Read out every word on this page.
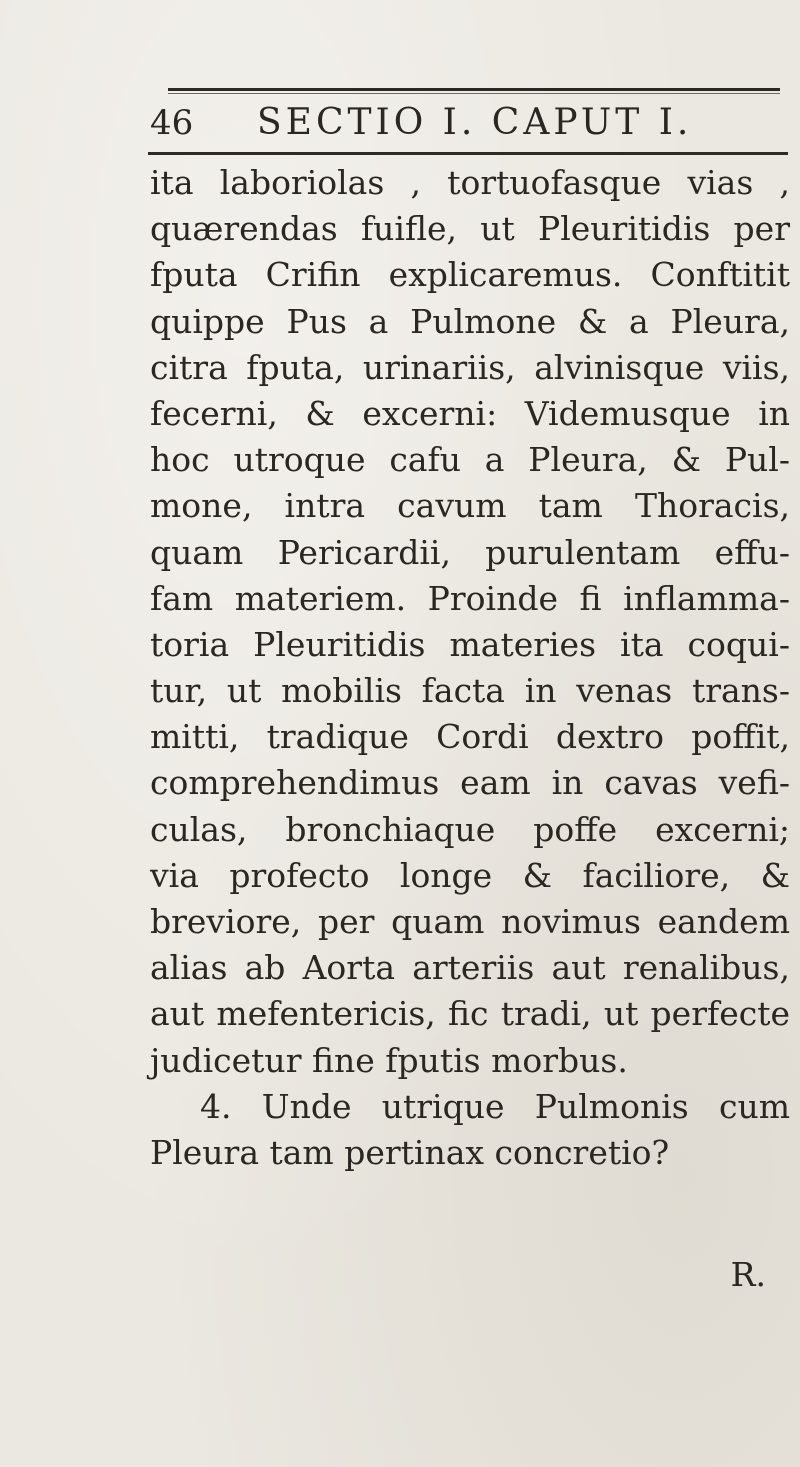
46 SECTIO I. CAPUT I.
ita laboriolas , tortuofasque vias ,
quærendas fuifle, ut Pleuritidis per
fputa Crifin explicaremus. Conftitit
quippe Pus a Pulmone & a Pleura,
citra fputa, urinariis, alvinisque viis,
fecerni, & excerni: Videmusque in
hoc utroque cafu a Pleura, & Pul-
mone, intra cavum tam Thoracis,
quam Pericardii, purulentam effu-
fam materiem. Proinde fi inflamma-
toria Pleuritidis materies ita coqui-
tur, ut mobilis facta in venas trans-
mitti, tradique Cordi dextro poffit,
comprehendimus eam in cavas vefi-
culas, bronchiaque poffe excerni;
via profecto longe & faciliore, &
breviore, per quam novimus eandem
alias ab Aorta arteriis aut renalibus,
aut mefentericis, fic tradi, ut perfecte
judicetur fine fputis morbus.
4. Unde utrique Pulmonis cum
Pleura tam pertinax concretio?
R.
